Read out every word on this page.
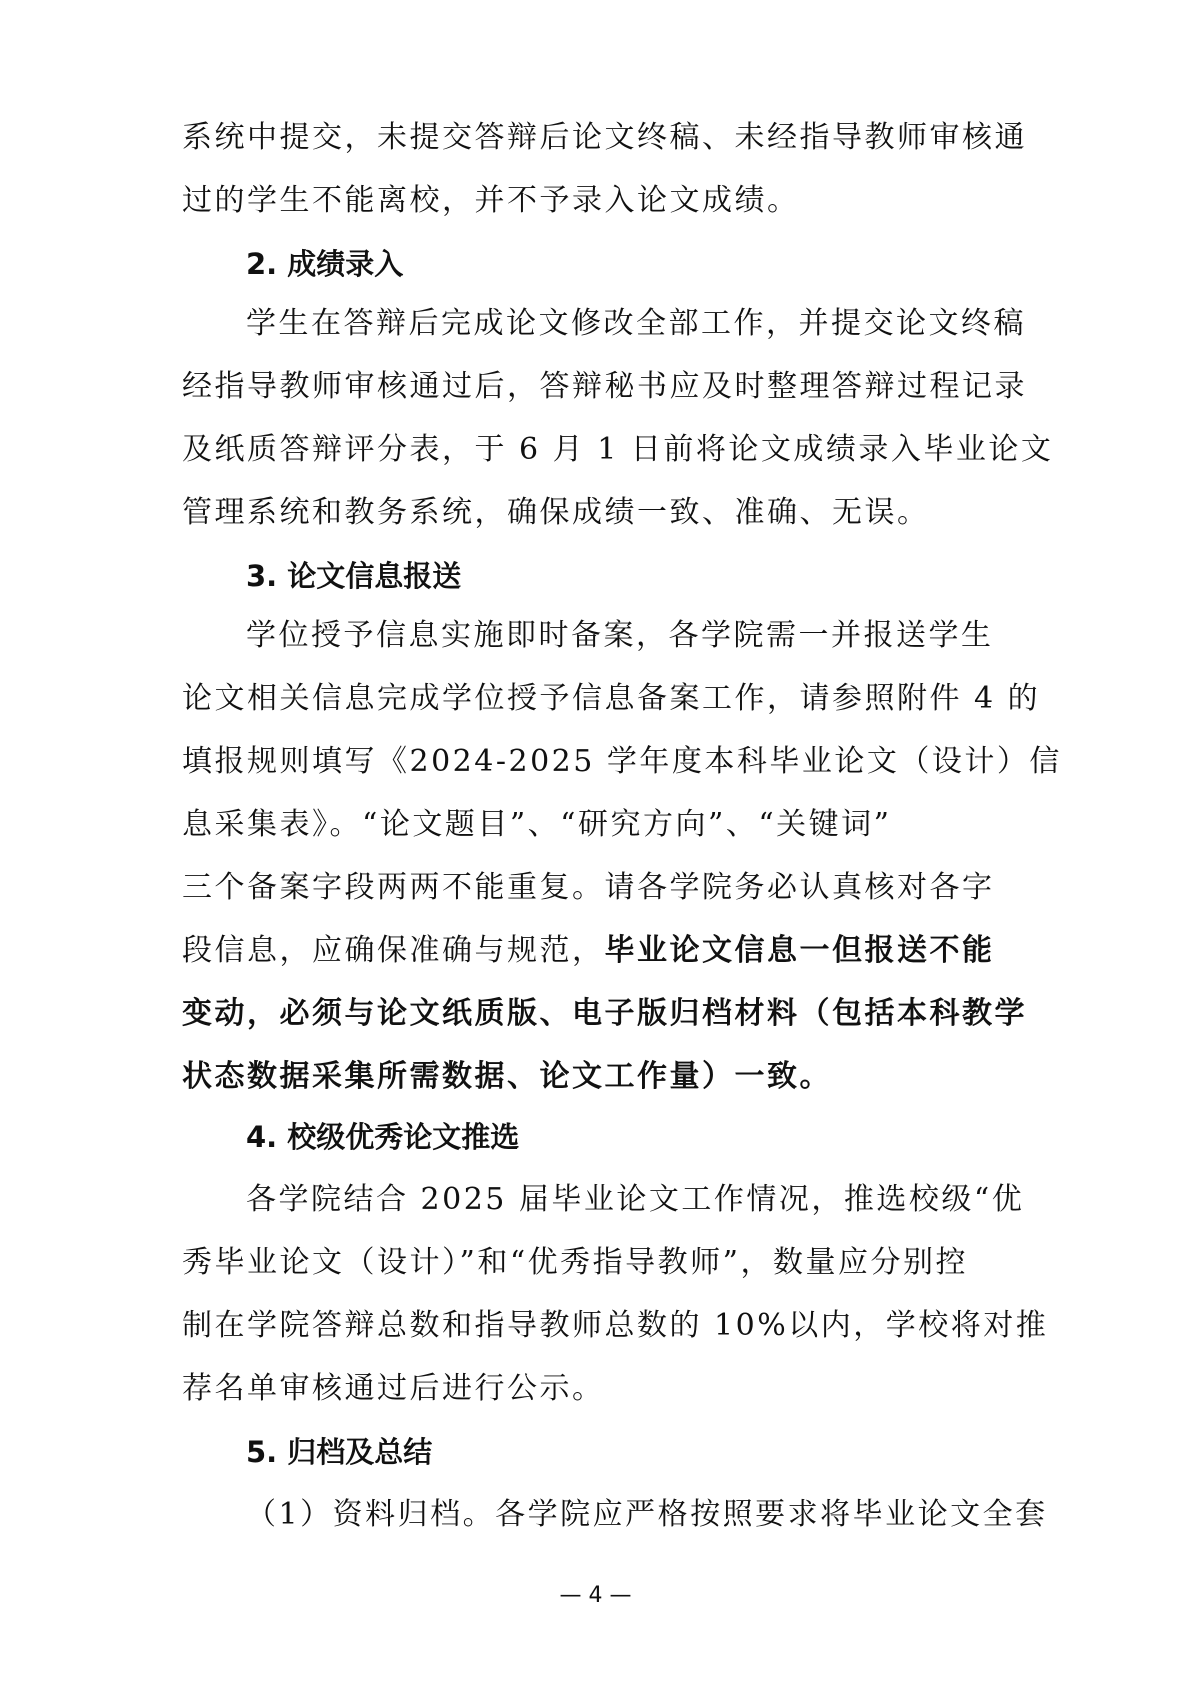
系统中提交，未提交答辩后论文终稿、未经指导教师审核通
过的学生不能离校，并不予录入论文成绩。
2. 成绩录入
学生在答辩后完成论文修改全部工作，并提交论文终稿
经指导教师审核通过后，答辩秘书应及时整理答辩过程记录
及纸质答辩评分表，于 6 月 1 日前将论文成绩录入毕业论文
管理系统和教务系统，确保成绩一致、准确、无误。
3. 论文信息报送
学位授予信息实施即时备案，各学院需一并报送学生
论文相关信息完成学位授予信息备案工作，请参照附件 4 的
填报规则填写《2024-2025 学年度本科毕业论文（设计）信
息采集表》。“论文题目”、“研究方向”、“关键词”
三个备案字段两两不能重复。请各学院务必认真核对各字
段信息，应确保准确与规范，毕业论文信息一但报送不能
变动，必须与论文纸质版、电子版归档材料（包括本科教学
状态数据采集所需数据、论文工作量）一致。
4. 校级优秀论文推选
各学院结合 2025 届毕业论文工作情况，推选校级“优
秀毕业论文（设计）”和“优秀指导教师”，数量应分别控
制在学院答辩总数和指导教师总数的 10%以内，学校将对推
荐名单审核通过后进行公示。
5. 归档及总结
（1）资料归档。各学院应严格按照要求将毕业论文全套
— 4 —
